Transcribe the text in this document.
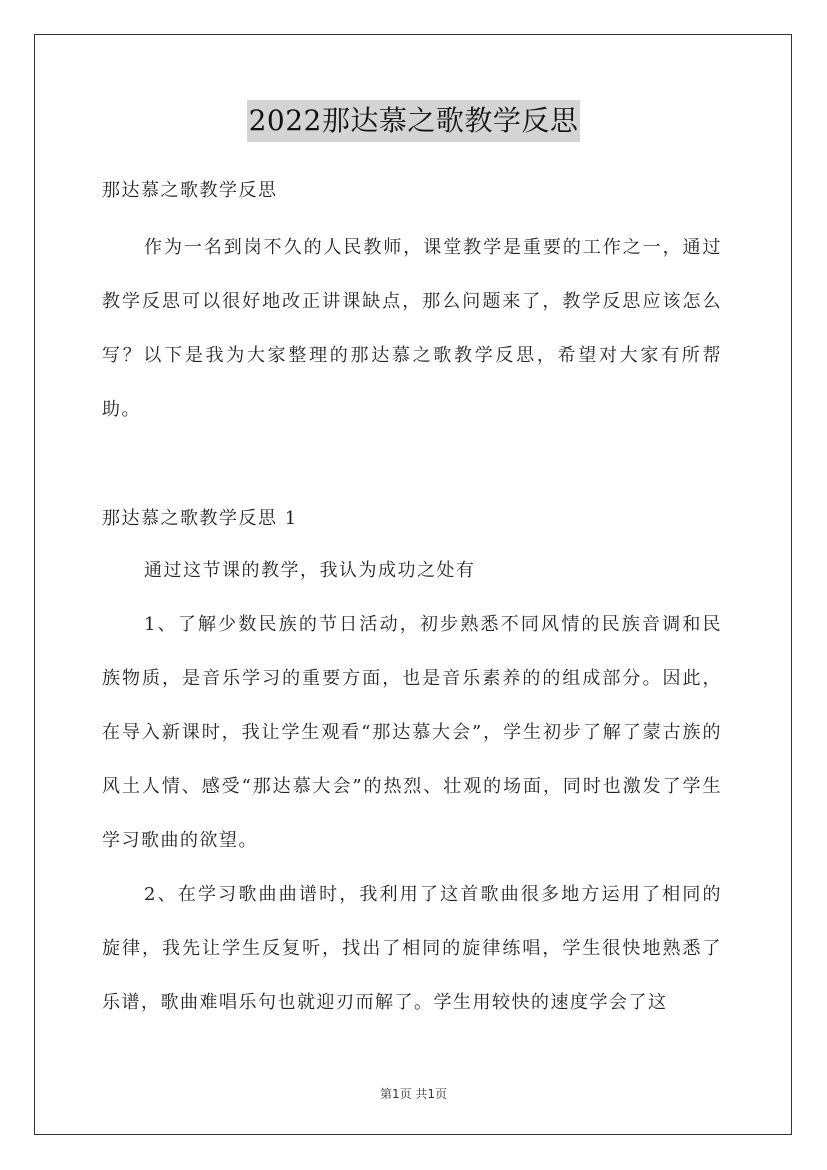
2022那达慕之歌教学反思
那达慕之歌教学反思

作为一名到岗不久的人民教师，课堂教学是重要的工作之一，通过教学反思可以很好地改正讲课缺点，那么问题来了，教学反思应该怎么写？以下是我为大家整理的那达慕之歌教学反思，希望对大家有所帮助。

那达慕之歌教学反思 1

通过这节课的教学，我认为成功之处有

1、了解少数民族的节日活动，初步熟悉不同风情的民族音调和民族物质，是音乐学习的重要方面，也是音乐素养的的组成部分。因此，在导入新课时，我让学生观看“那达慕大会”，学生初步了解了蒙古族的风土人情、感受“那达慕大会”的热烈、壮观的场面，同时也激发了学生学习歌曲的欲望。

2、在学习歌曲曲谱时，我利用了这首歌曲很多地方运用了相同的旋律，我先让学生反复听，找出了相同的旋律练唱，学生很快地熟悉了乐谱，歌曲难唱乐句也就迎刃而解了。学生用较快的速度学会了这

第1页 共1页
